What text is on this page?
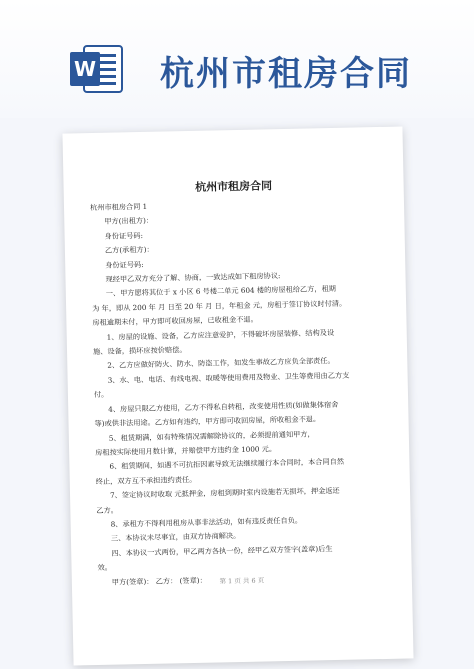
W 杭州市租房合同
杭州市租房合同
杭州市租房合同 1
甲方(出租方)：
身份证号码:
乙方(承租方)：
身份证号码:
现经甲乙双方充分了解、协商，一致达成如下租房协议:
一、甲方愿将其位于 x 小区 6 号楼二单元 604 楼的房屋租给乙方，租期
为 年，即从 200 年 月 日至 20 年 月 日，年租金 元，房租于签订协议时付清。
房租逾期未付，甲方即可收回房屋，已收租金不退。
1、房屋的设施、设备，乙方应注意爱护，不得破坏房屋装修、结构及设
施、设备，损坏应按价赔偿。
2、乙方应做好防火、防水、防盗工作，如发生事故乙方应负全部责任。
3、水、电、电话、有线电视、取暖等使用费用及物业、卫生等费用由乙方支
付。
4、房屋只限乙方使用，乙方不得私自转租，改变使用性质(如做集体宿舍
等)或供非法用途。乙方如有违约，甲方即可收回房屋，所收租金不退。
5、租赁期满，如有特殊情况需解除协议的，必须提前通知甲方，
房租按实际使用月数计算，并赔偿甲方违约金 1000 元。
6、租赁期间，如遇不可抗拒因素导致无法继续履行本合同时，本合同自然
终止，双方互不承担违约责任。
7、签定协议时收取 元抵押金，房租到期时室内设施若无损坏，押金返还
乙方。
8、承租方不得利用租房从事非法活动，如有违反责任自负。
三、本协议未尽事宜，由双方协商解决。
四、本协议一式两份，甲乙两方各执一份，经甲乙双方签字(盖章)后生
效。
甲方(签章)： 乙方： (签章)：	第 1 页 共 6 页
